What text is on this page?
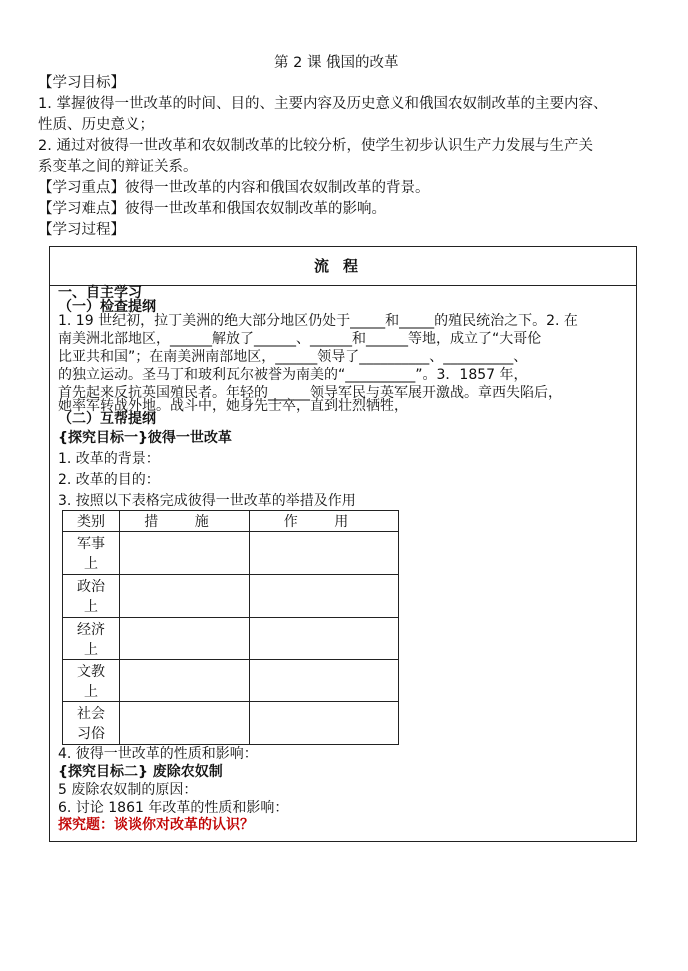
第 2 课 俄国的改革
【学习目标】
1. 掌握彼得一世改革的时间、目的、主要内容及历史意义和俄国农奴制改革的主要内容、
性质、历史意义；
2. 通过对彼得一世改革和农奴制改革的比较分析，使学生初步认识生产力发展与生产关
系变革之间的辩证关系。
【学习重点】彼得一世改革的内容和俄国农奴制改革的背景。
【学习难点】彼得一世改革和俄国农奴制改革的影响。
【学习过程】
流程
一、自主学习
（一）检查提纲
1. 19 世纪初，拉丁美洲的绝大部分地区仍处于_____和_____的殖民统治之下。2. 在
南美洲北部地区，______解放了______、______和______等地，成立了“大哥伦
比亚共和国”；在南美洲南部地区，______领导了__________、__________、
的独立运动。圣马丁和玻利瓦尔被誉为南美的“__________”。3．1857 年，
首先起来反抗英国殖民者。年轻的______领导军民与英军展开激战。章西失陷后，
她率军转战外地。战斗中，她身先士卒，直到壮烈牺牲，
（二）互帮提纲
{探究目标一}彼得一世改革
1. 改革的背景：
2. 改革的目的：
3. 按照以下表格完成彼得一世改革的举措及作用
类别	措 施	作 用

军事
上		

政治
上		

经济
上		

文教
上		

社会
习俗		

4. 彼得一世改革的性质和影响：
{探究目标二} 废除农奴制
5 废除农奴制的原因：
6. 讨论 1861 年改革的性质和影响：
探究题：谈谈你对改革的认识？
